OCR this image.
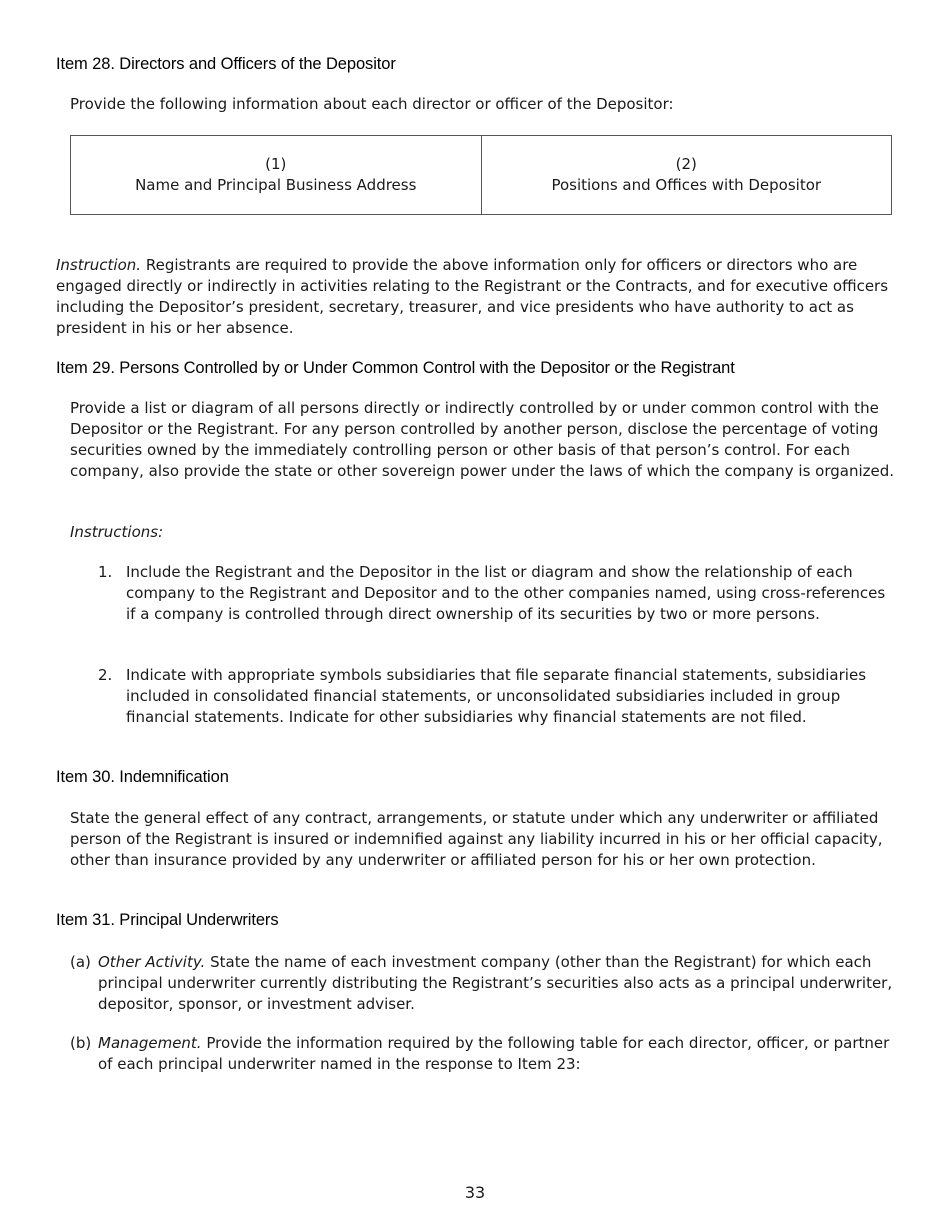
Item 28. Directors and Officers of the Depositor

Provide the following information about each director or officer of the Depositor:

(1)
Name and Principal Business Address
(2)
Positions and Offices with Depositor

Instruction. Registrants are required to provide the above information only for officers or directors who are engaged directly or indirectly in activities relating to the Registrant or the Contracts, and for executive officers including the Depositor’s president, secretary, treasurer, and vice presidents who have authority to act as president in his or her absence.

Item 29. Persons Controlled by or Under Common Control with the Depositor or the Registrant

Provide a list or diagram of all persons directly or indirectly controlled by or under common control with the Depositor or the Registrant. For any person controlled by another person, disclose the percentage of voting securities owned by the immediately controlling person or other basis of that person’s control. For each company, also provide the state or other sovereign power under the laws of which the company is organized.

Instructions:

1. Include the Registrant and the Depositor in the list or diagram and show the relationship of each company to the Registrant and Depositor and to the other companies named, using cross-references if a company is controlled through direct ownership of its securities by two or more persons.
2. Indicate with appropriate symbols subsidiaries that file separate financial statements, subsidiaries included in consolidated financial statements, or unconsolidated subsidiaries included in group financial statements. Indicate for other subsidiaries why financial statements are not filed.
Item 30. Indemnification

State the general effect of any contract, arrangements, or statute under which any underwriter or affiliated person of the Registrant is insured or indemnified against any liability incurred in his or her official capacity, other than insurance provided by any underwriter or affiliated person for his or her own protection.

Item 31. Principal Underwriters
(a) Other Activity. State the name of each investment company (other than the Registrant) for which each principal underwriter currently distributing the Registrant’s securities also acts as a principal underwriter, depositor, sponsor, or investment adviser.
(b) Management. Provide the information required by the following table for each director, officer, or partner of each principal underwriter named in the response to Item 23:
33
